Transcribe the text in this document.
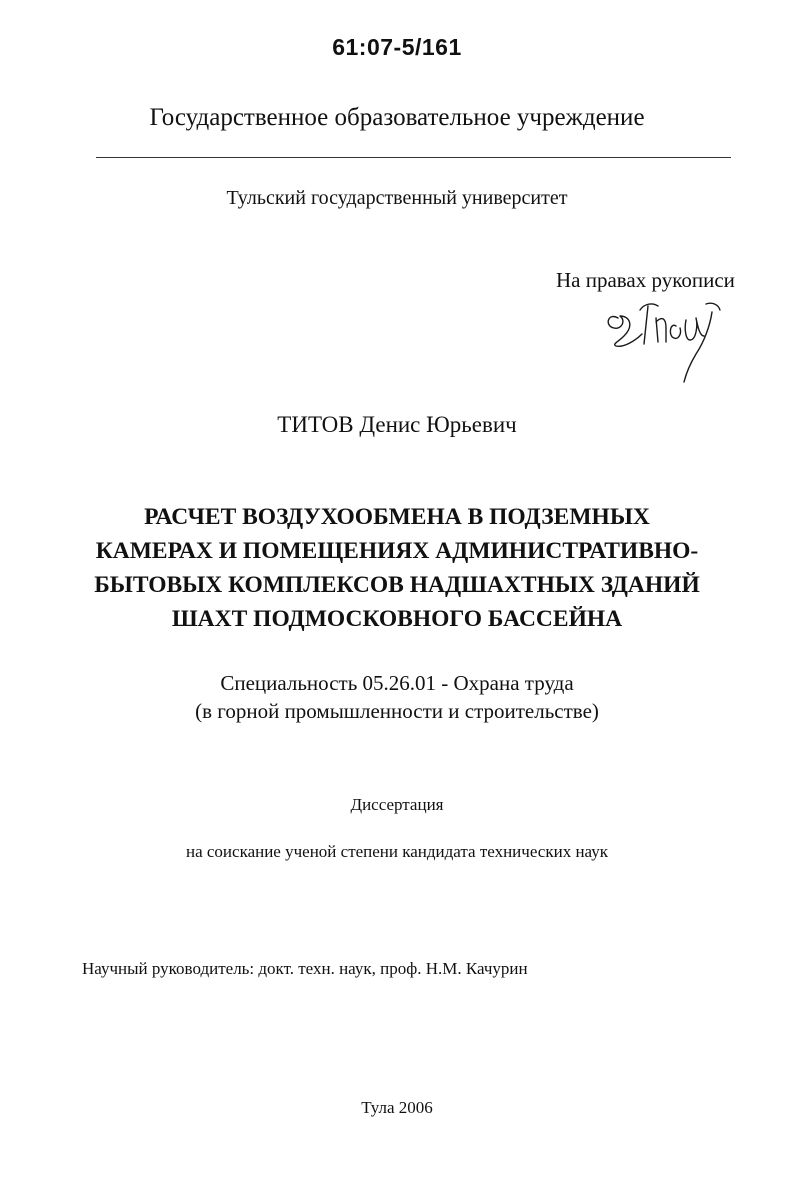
61:07-5/161
Государственное образовательное учреждение
Тульский государственный университет
На правах рукописи
ТИТОВ Денис Юрьевич
РАСЧЕТ ВОЗДУХООБМЕНА В ПОДЗЕМНЫХ
КАМЕРАХ И ПОМЕЩЕНИЯХ АДМИНИСТРАТИВНО-
БЫТОВЫХ КОМПЛЕКСОВ НАДШАХТНЫХ ЗДАНИЙ
ШАХТ ПОДМОСКОВНОГО БАССЕЙНА
Специальность 05.26.01 - Охрана труда
(в горной промышленности и строительстве)
Диссертация
на соискание ученой степени кандидата технических наук
Научный руководитель: докт. техн. наук, проф. Н.М. Качурин
Тула 2006
